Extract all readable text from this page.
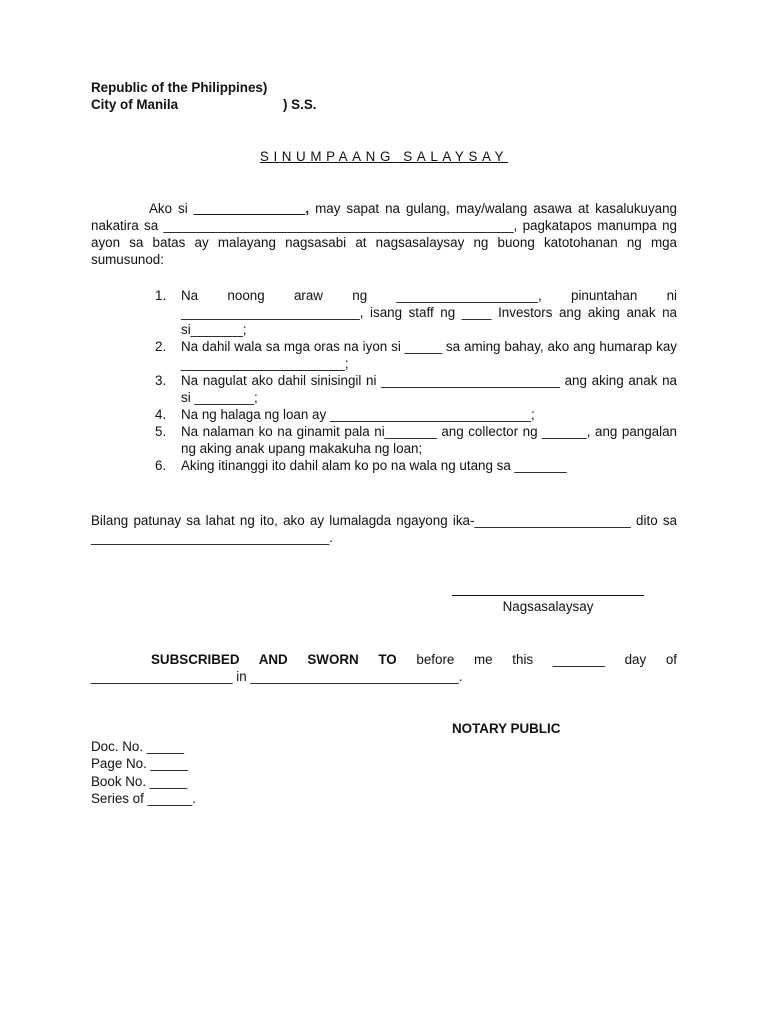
Republic of the Philippines)
City of Manila	) S.S.
SINUMPAANG SALAYSAY
Ako si _______________, may sapat na gulang, may/walang asawa at kasalukuyang nakatira sa _______________________________________________, pagkatapos manumpa ng ayon sa batas ay malayang nagsasabi at nagsasalaysay ng buong katotohanan ng mga sumusunod:
1.	Na noong araw ng ___________________, pinuntahan ni ________________________, isang staff ng ____ Investors ang aking anak na si_______;
2.	Na dahil wala sa mga oras na iyon si _____ sa aming bahay, ako ang humarap kay ______________________;
3.	Na nagulat ako dahil sinisingil ni ________________________ ang aking anak na si ________;
4.	Na ng halaga ng loan ay ___________________________;
5.	Na nalaman ko na ginamit pala ni_______ ang collector ng ______, ang pangalan ng aking anak upang makakuha ng loan;
6.	Aking itinanggi ito dahil alam ko po na wala ng utang sa _______
Bilang patunay sa lahat ng ito, ako ay lumalagda ngayong ika-_____________________ dito sa ________________________________.
Nagsasalaysay
SUBSCRIBED AND SWORN TO before me this _______ day of ___________________ in ____________________________.
NOTARY PUBLIC
Doc. No. _____
Page No. _____
Book No. _____
Series of ______.
